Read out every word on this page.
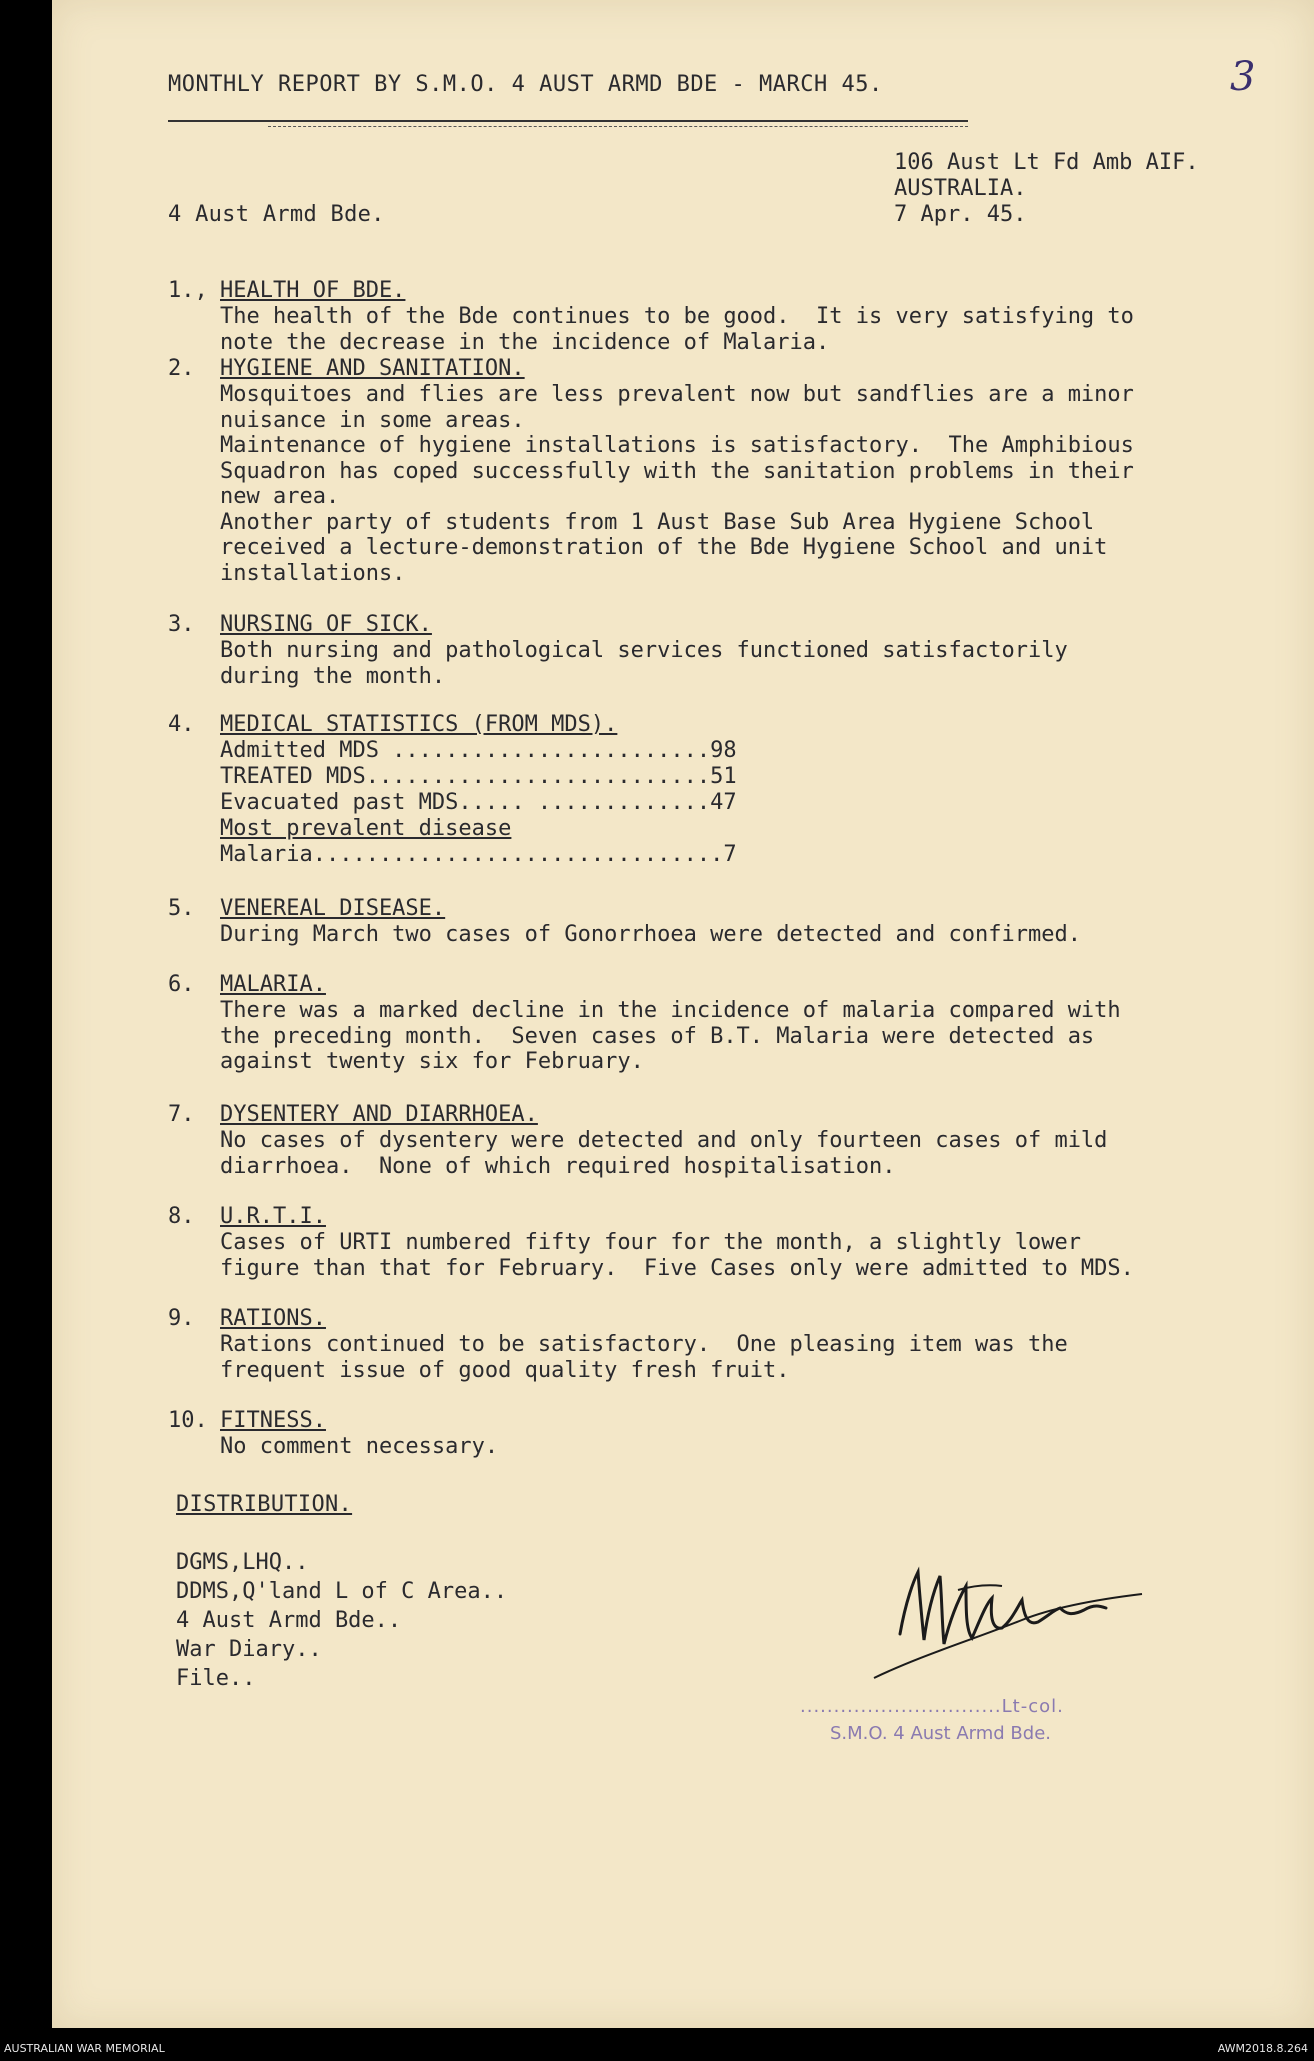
MONTHLY REPORT BY S.M.O. 4 AUST ARMD BDE - MARCH 45.	3
106 Aust Lt Fd Amb AIF.
AUSTRALIA.
7 Apr. 45.
4 Aust Armd Bde.
1., HEALTH OF BDE.
The health of the Bde continues to be good.  It is very satisfying to
note the decrease in the incidence of Malaria.
2. HYGIENE AND SANITATION.
Mosquitoes and flies are less prevalent now but sandflies are a minor
nuisance in some areas.
Maintenance of hygiene installations is satisfactory.  The Amphibious
Squadron has coped successfully with the sanitation problems in their
new area.
Another party of students from 1 Aust Base Sub Area Hygiene School
received a lecture-demonstration of the Bde Hygiene School and unit
installations.
3. NURSING OF SICK.
Both nursing and pathological services functioned satisfactorily
during the month.
4. MEDICAL STATISTICS (FROM MDS).
Admitted MDS ........................98
TREATED MDS..........................51
Evacuated past MDS..... .............47
Most prevalent disease
Malaria...............................7
5. VENEREAL DISEASE.
During March two cases of Gonorrhoea were detected and confirmed.
6. MALARIA.
There was a marked decline in the incidence of malaria compared with
the preceding month.  Seven cases of B.T. Malaria were detected as
against twenty six for February.
7. DYSENTERY AND DIARRHOEA.
No cases of dysentery were detected and only fourteen cases of mild
diarrhoea.  None of which required hospitalisation.
8. U.R.T.I.
Cases of URTI numbered fifty four for the month, a slightly lower
figure than that for February.  Five Cases only were admitted to MDS.
9. RATIONS.
Rations continued to be satisfactory.  One pleasing item was the
frequent issue of good quality fresh fruit.
10. FITNESS.
No comment necessary.
DISTRIBUTION.
DGMS,LHQ..
DDMS,Q'land L of C Area..
4 Aust Armd Bde..
War Diary..
File..
..............................Lt-col.
S.M.O. 4 Aust Armd Bde.
AUSTRALIAN WAR MEMORIAL	AWM2018.8.264
